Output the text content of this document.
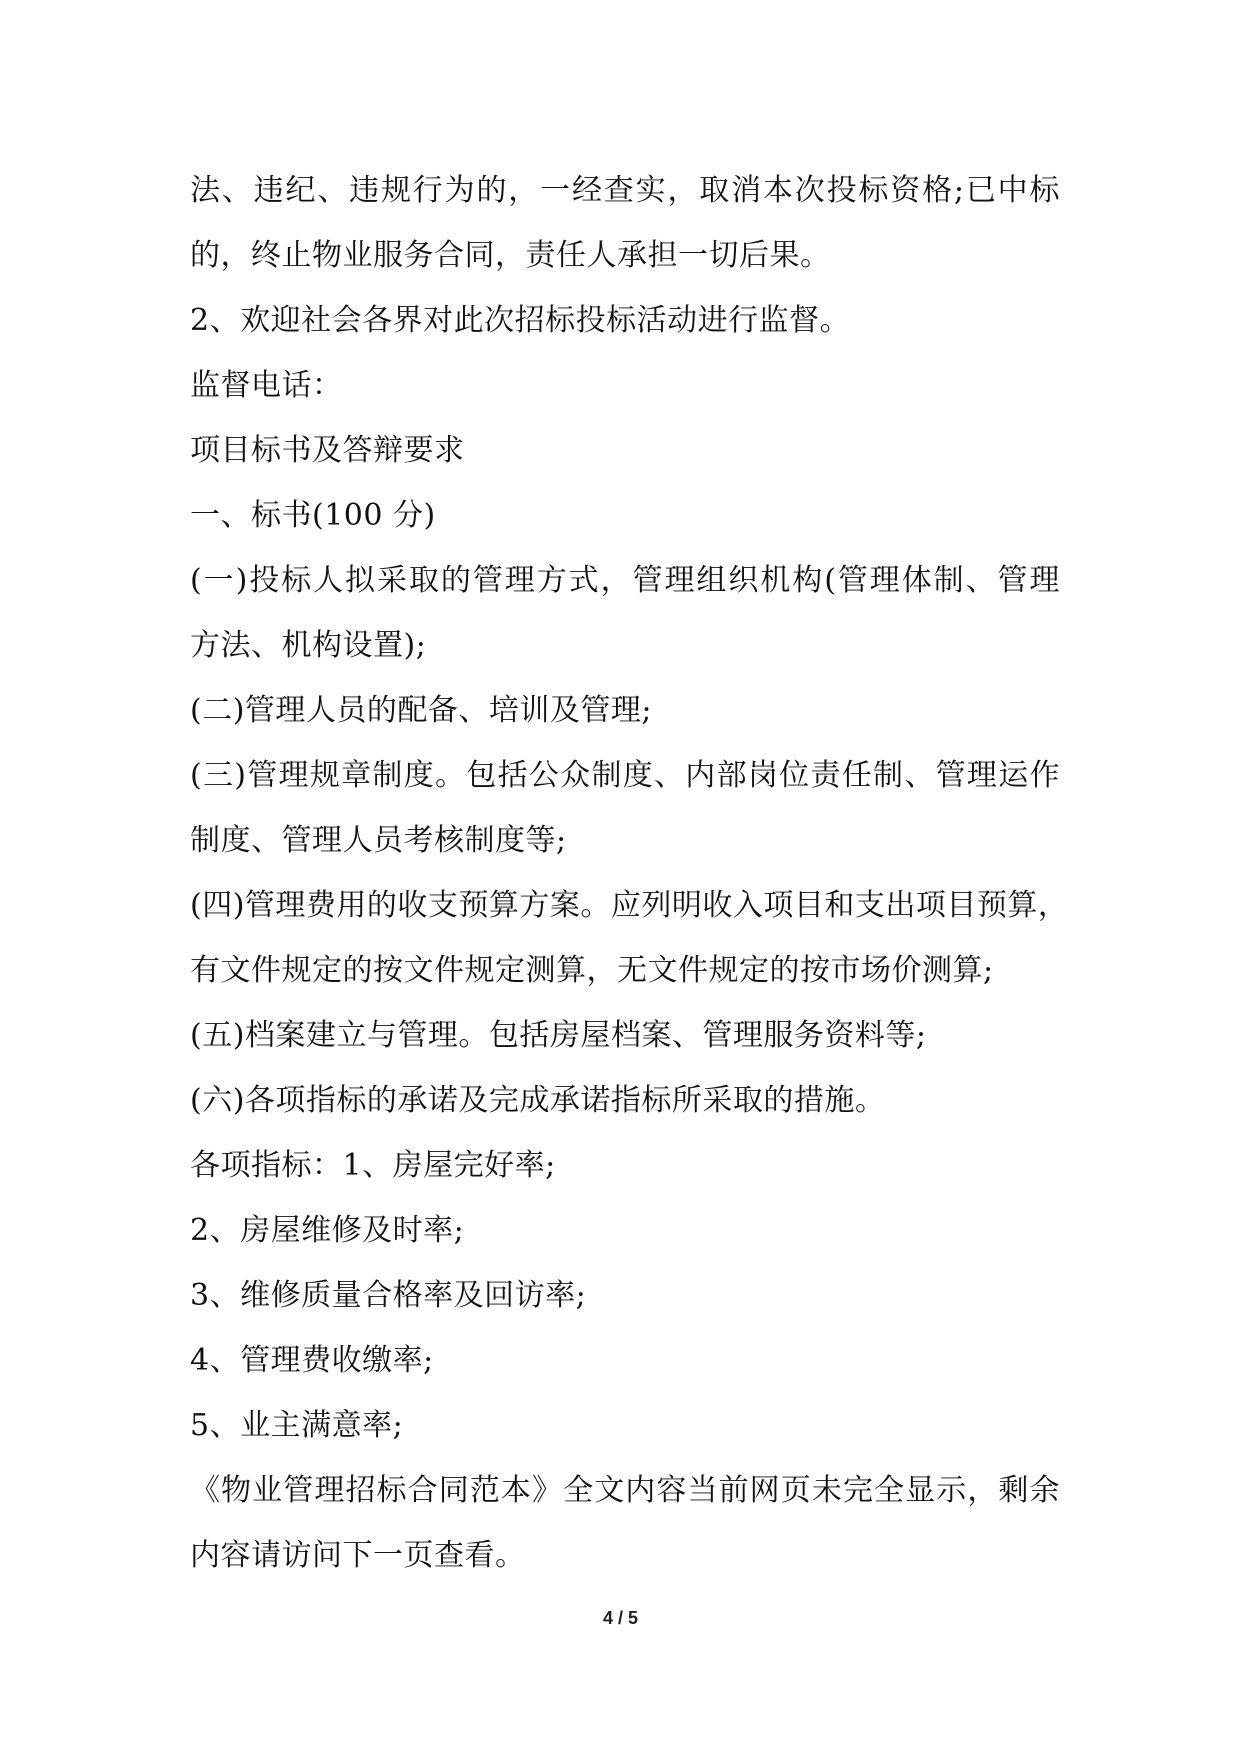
法、违纪、违规行为的，一经查实，取消本次投标资格;已中标
的，终止物业服务合同，责任人承担一切后果。
2、欢迎社会各界对此次招标投标活动进行监督。
监督电话：
项目标书及答辩要求
一、标书(100 分)
(一)投标人拟采取的管理方式，管理组织机构(管理体制、管理
方法、机构设置);
(二)管理人员的配备、培训及管理;
(三)管理规章制度。包括公众制度、内部岗位责任制、管理运作
制度、管理人员考核制度等;
(四)管理费用的收支预算方案。应列明收入项目和支出项目预算，
有文件规定的按文件规定测算，无文件规定的按市场价测算;
(五)档案建立与管理。包括房屋档案、管理服务资料等;
(六)各项指标的承诺及完成承诺指标所采取的措施。
各项指标：1、房屋完好率;
2、房屋维修及时率;
3、维修质量合格率及回访率;
4、管理费收缴率;
5、业主满意率;
《物业管理招标合同范本》全文内容当前网页未完全显示，剩余
内容请访问下一页查看。
4 / 5
